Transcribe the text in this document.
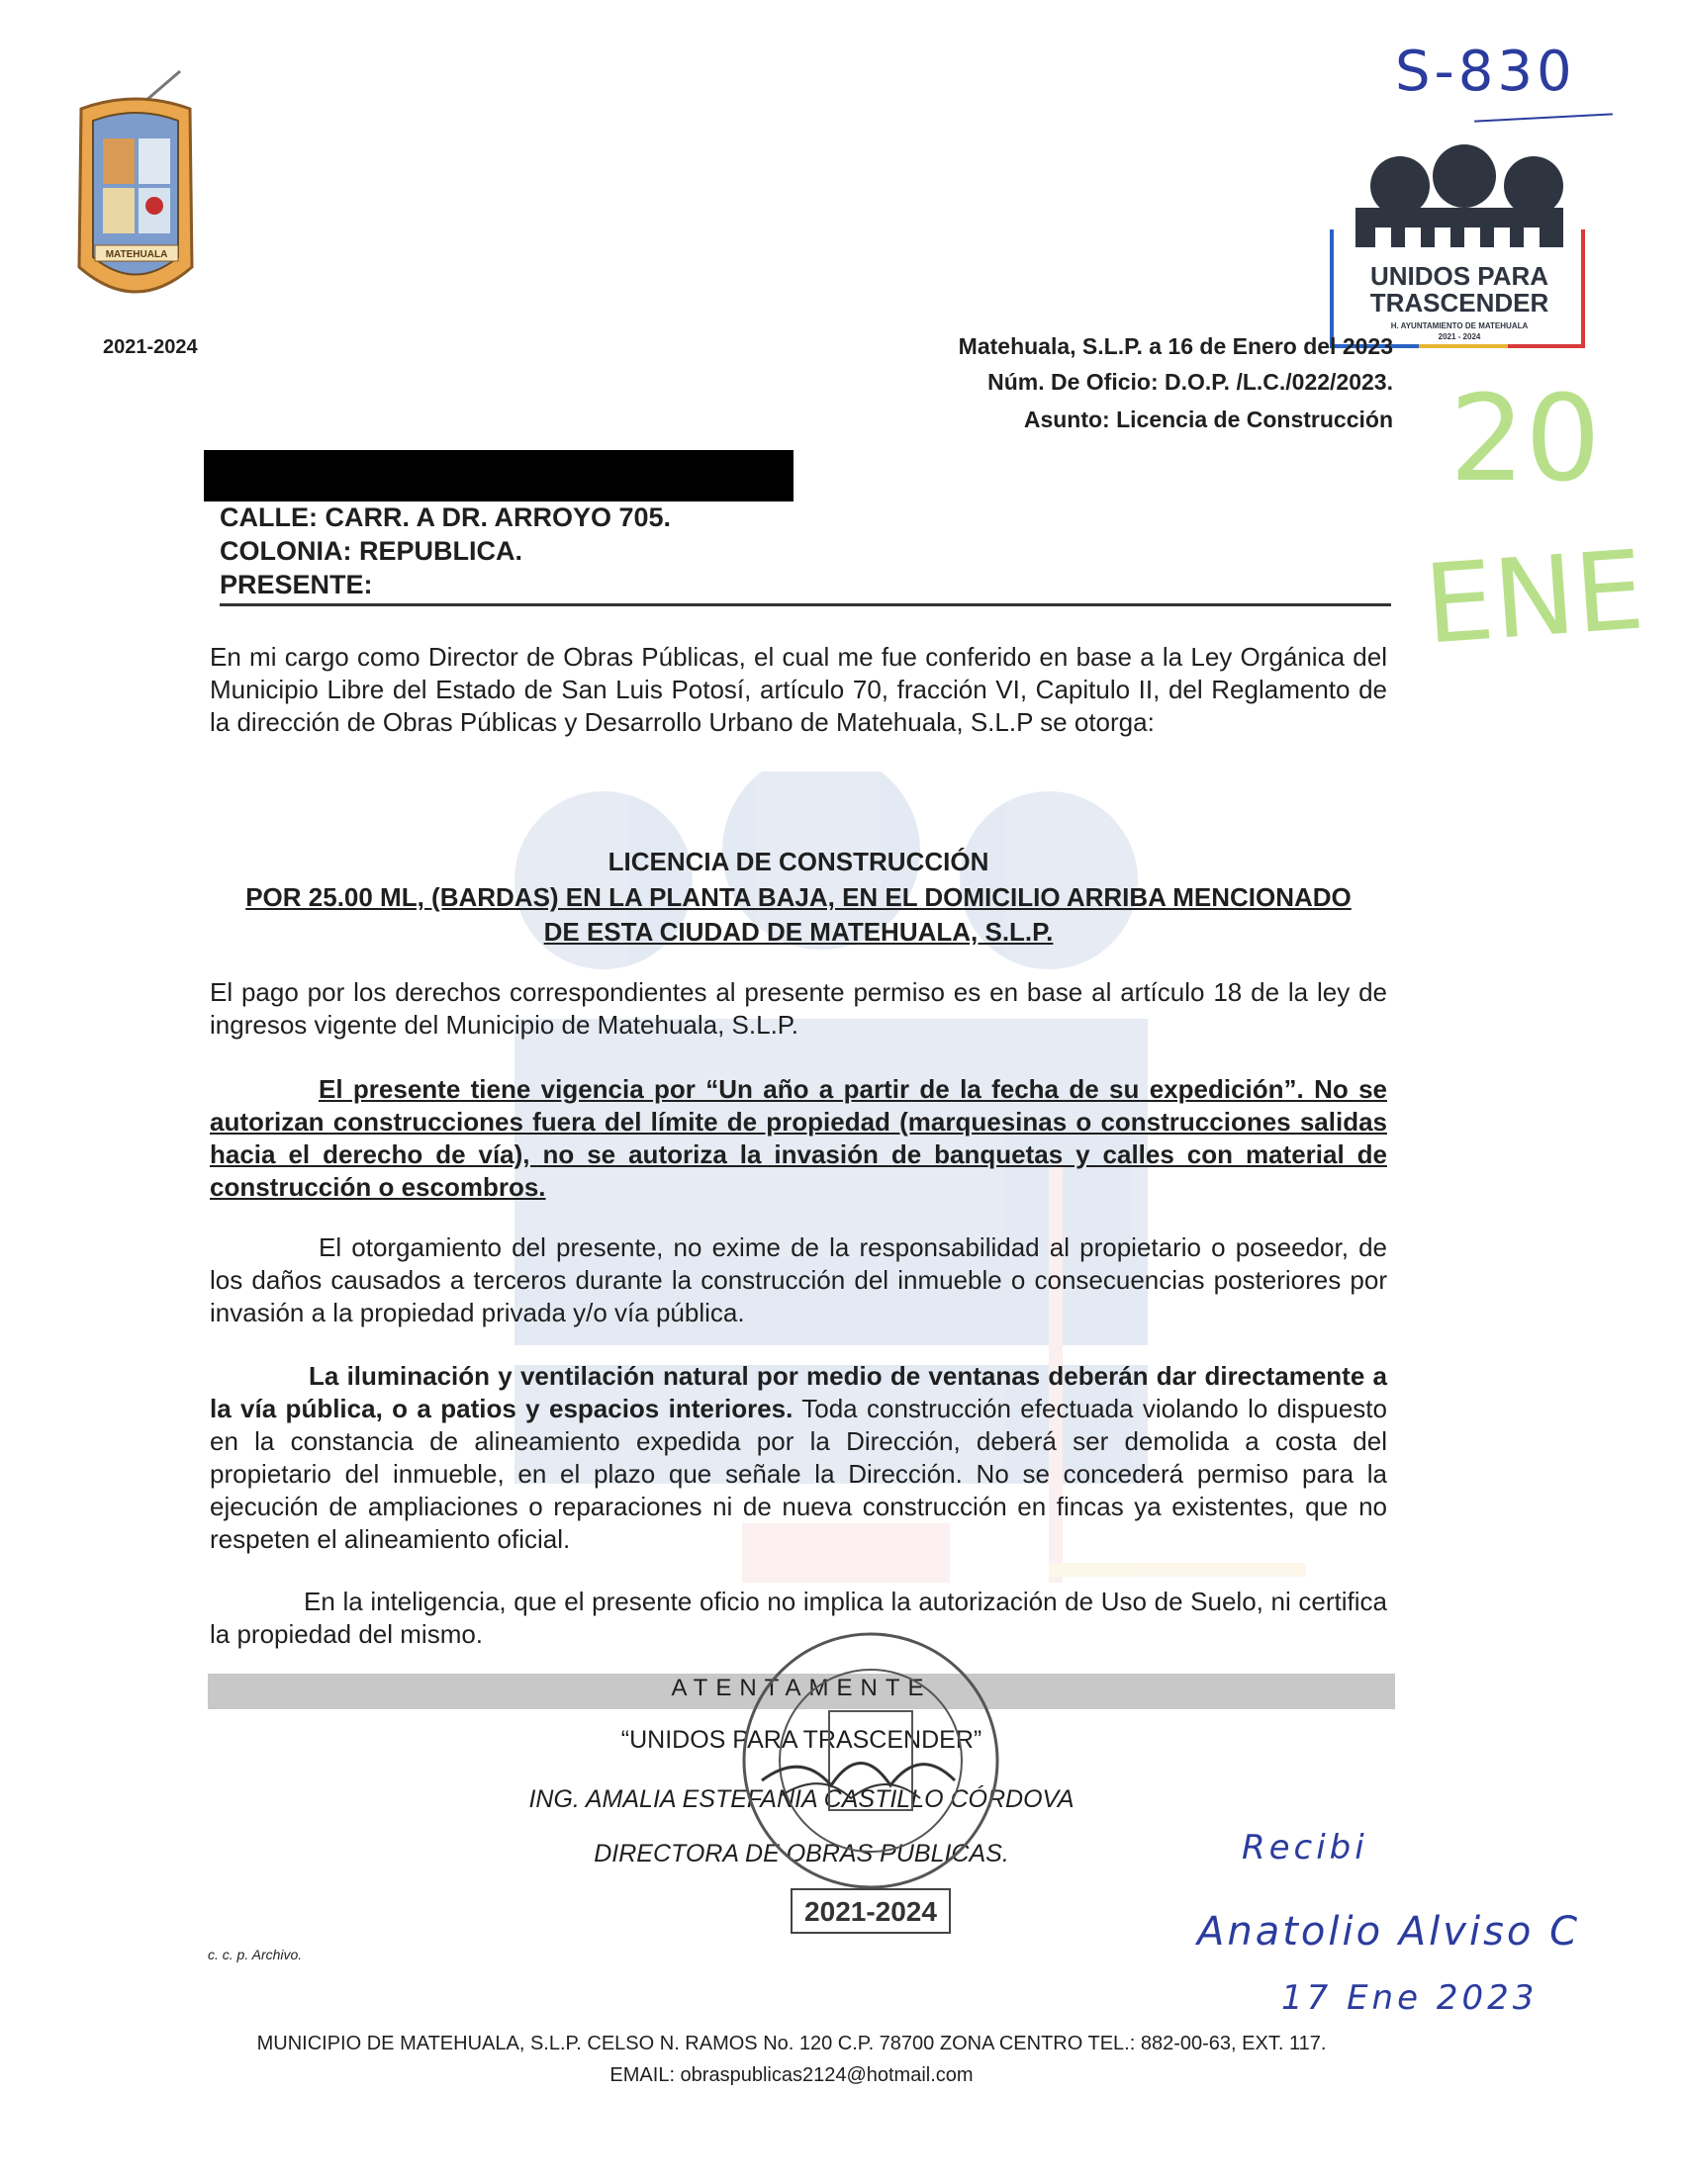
MATEHUALA
2021-2024
S-830
UNIDOS PARA
TRASCENDER
H. AYUNTAMIENTO DE MATEHUALA
2021 - 2024
20
ENE
Matehuala, S.L.P. a 16 de Enero del 2023
Núm. De Oficio: D.O.P. /L.C./022/2023.
Asunto: Licencia de Construcción
CALLE: CARR. A DR. ARROYO 705.
COLONIA: REPUBLICA.
PRESENTE:
En mi cargo como Director de Obras Públicas, el cual me fue conferido en base a la Ley Orgánica del Municipio Libre del Estado de San Luis Potosí, artículo 70, fracción VI, Capitulo II, del Reglamento de la dirección de Obras Públicas y Desarrollo Urbano de Matehuala, S.L.P se otorga:
LICENCIA DE CONSTRUCCIÓN
POR 25.00 ML, (BARDAS) EN LA PLANTA BAJA, EN EL DOMICILIO ARRIBA MENCIONADO
DE ESTA CIUDAD DE MATEHUALA, S.L.P.
El pago por los derechos correspondientes al presente permiso es en base al artículo 18 de la ley de ingresos vigente del Municipio de Matehuala, S.L.P.
El presente tiene vigencia por “Un año a partir de la fecha de su expedición”. No se autorizan construcciones fuera del límite de propiedad (marquesinas o construcciones salidas hacia el derecho de vía), no se autoriza la invasión de banquetas y calles con material de construcción o escombros.
El otorgamiento del presente, no exime de la responsabilidad al propietario o poseedor, de los daños causados a terceros durante la construcción del inmueble o consecuencias posteriores por invasión a la propiedad privada y/o vía pública.
La iluminación y ventilación natural por medio de ventanas deberán dar directamente a la vía pública, o a patios y espacios interiores. Toda construcción efectuada violando lo dispuesto en la constancia de alineamiento expedida por la Dirección, deberá ser demolida a costa del propietario del inmueble, en el plazo que señale la Dirección. No se concederá permiso para la ejecución de ampliaciones o reparaciones ni de nueva construcción en fincas ya existentes, que no respeten el alineamiento oficial.
En la inteligencia, que el presente oficio no implica la autorización de Uso de Suelo, ni certifica la propiedad del mismo.
ATENTAMENTE
“UNIDOS PARA TRASCENDER”
ING. AMALIA ESTEFANIA CASTILLO CÓRDOVA
DIRECTORA DE OBRAS PUBLICAS.
2021-2024
Recibi
Anatolio Alviso C
17 Ene 2023
c. c. p. Archivo.
MUNICIPIO DE MATEHUALA, S.L.P. CELSO N. RAMOS No. 120 C.P. 78700 ZONA CENTRO TEL.: 882-00-63, EXT. 117.
EMAIL: obraspublicas2124@hotmail.com
